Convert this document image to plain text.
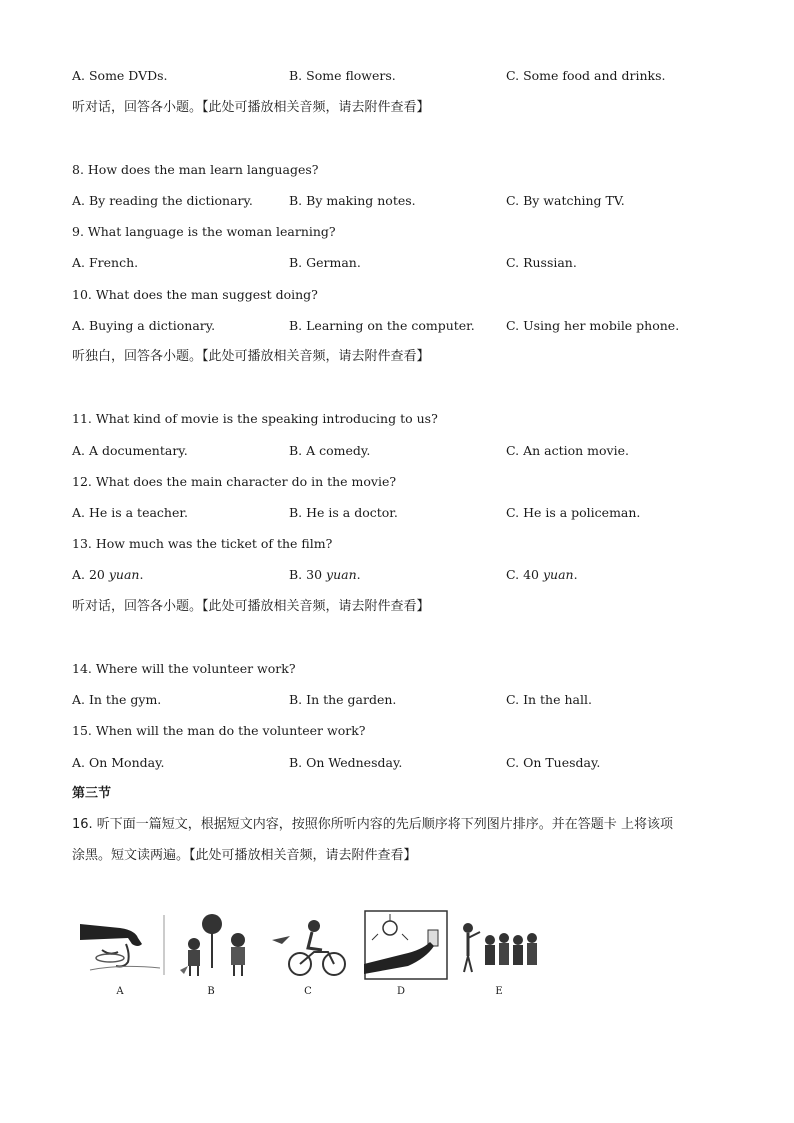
A. Some DVDs.	B. Some flowers.	C. Some food and drinks.
听对话，回答各小题。【此处可播放相关音频，请去附件查看】
8. How does the man learn languages?
A. By reading the dictionary.	B. By making notes.	C. By watching TV.
9. What language is the woman learning?
A. French.	B. German.	C. Russian.
10. What does the man suggest doing?
A. Buying a dictionary.	B. Learning on the computer. C. Using her mobile phone.
听独白，回答各小题。【此处可播放相关音频，请去附件查看】
11. What kind of movie is the speaking introducing to us?
A. A documentary.	B. A comedy.	C. An action movie.
12. What does the main character do in the movie?
A. He is a teacher.	B. He is a doctor.	C. He is a policeman.
13. How much was the ticket of the film?
A. 20 yuan.	B. 30 yuan.	C. 40 yuan.
听对话，回答各小题。【此处可播放相关音频，请去附件查看】
14. Where will the volunteer work?
A. In the gym.	B. In the garden.	C. In the hall.
15. When will the man do the volunteer work?
A. On Monday.	B. On Wednesday.	C. On Tuesday.
第三节
16. 听下面一篇短文，根据短文内容，按照你所听内容的先后顺序将下列图片排序。并在答题卡 上将该项
涂黑。短文读两遍。【此处可播放相关音频，请去附件查看】
A	B	C	D	E
